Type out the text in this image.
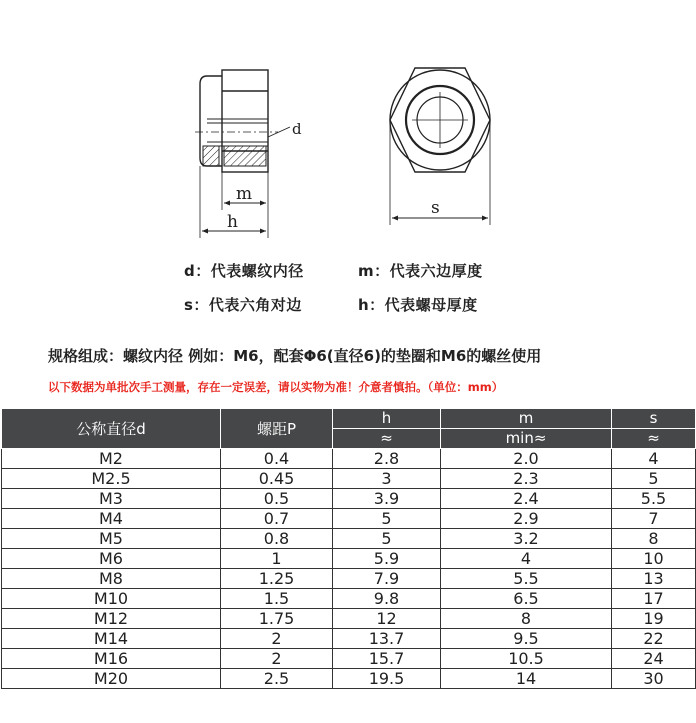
d
m
h
s
d：代表螺纹内径	m：代表六边厚度
s：代表六角对边	h：代表螺母厚度
规格组成：螺纹内径 例如：M6，配套Φ6(直径6)的垫圈和M6的螺丝使用
以下数据为单批次手工测量，存在一定误差，请以实物为准！介意者慎拍。（单位：mm）
公称直径d	螺距P	h	m	s
		≈	min≈	≈
M2	0.4	2.8	2.0	4
M2.5	0.45	3	2.3	5
M3	0.5	3.9	2.4	5.5
M4	0.7	5	2.9	7
M5	0.8	5	3.2	8
M6	1	5.9	4	10
M8	1.25	7.9	5.5	13
M10	1.5	9.8	6.5	17
M12	1.75	12	8	19
M14	2	13.7	9.5	22
M16	2	15.7	10.5	24
M20	2.5	19.5	14	30
